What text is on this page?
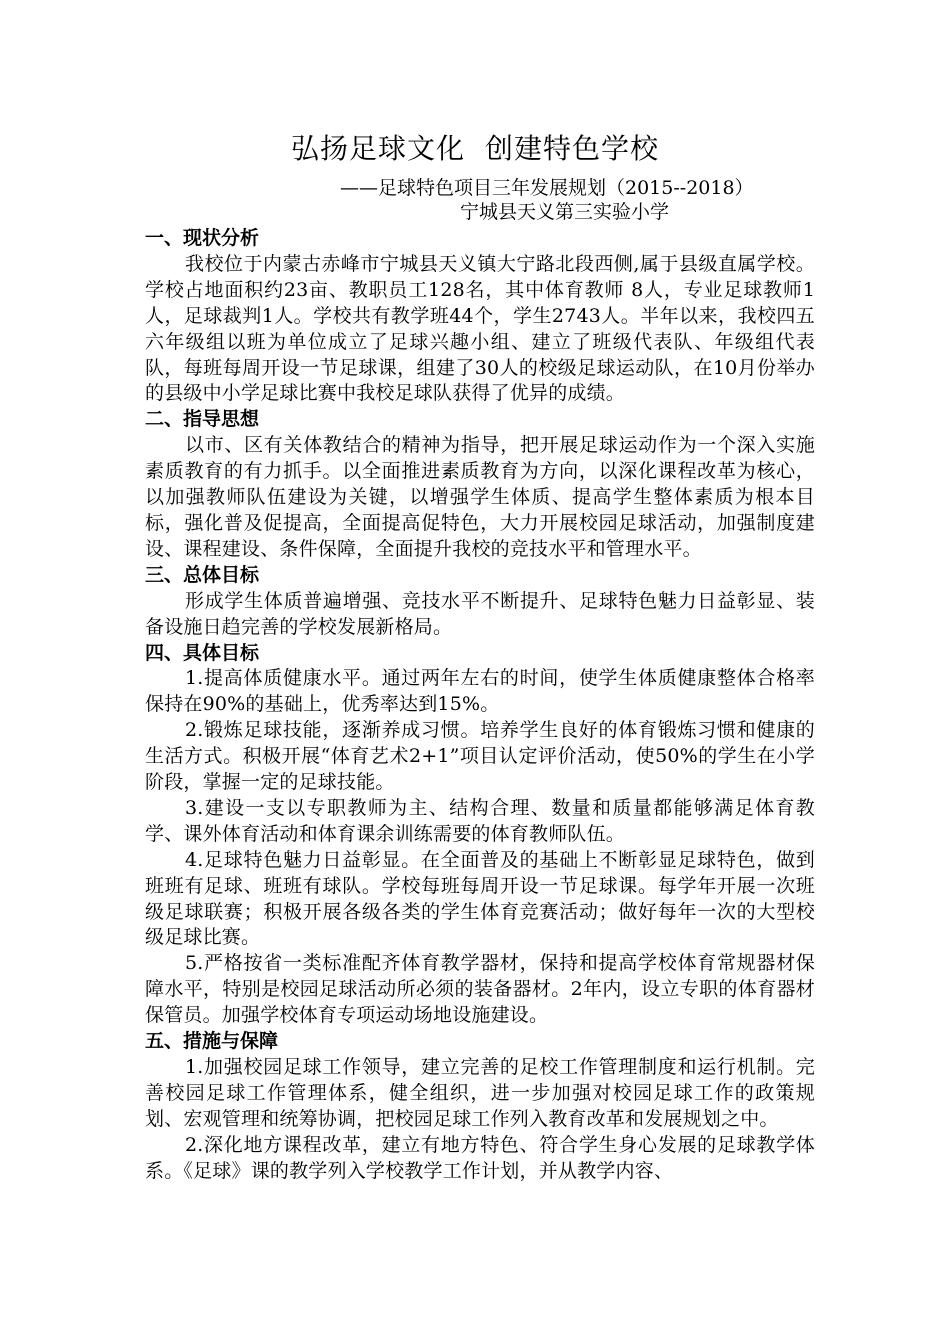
弘扬足球文化 创建特色学校
——足球特色项目三年发展规划（2015--2018）
宁城县天义第三实验小学
一、现状分析

我校位于内蒙古赤峰市宁城县天义镇大宁路北段西侧,属于县级直属学校。学校占地面积约23亩、教职员工128名，其中体育教师 8人，专业足球教师1人，足球裁判1人。学校共有教学班44个，学生2743人。半年以来，我校四五六年级组以班为单位成立了足球兴趣小组、建立了班级代表队、年级组代表队，每班每周开设一节足球课，组建了30人的校级足球运动队，在10月份举办的县级中小学足球比赛中我校足球队获得了优异的成绩。

二、指导思想

以市、区有关体教结合的精神为指导，把开展足球运动作为一个深入实施素质教育的有力抓手。以全面推进素质教育为方向，以深化课程改革为核心，以加强教师队伍建设为关键，以增强学生体质、提高学生整体素质为根本目标，强化普及促提高，全面提高促特色，大力开展校园足球活动，加强制度建设、课程建设、条件保障，全面提升我校的竞技水平和管理水平。

三、总体目标

形成学生体质普遍增强、竞技水平不断提升、足球特色魅力日益彰显、装备设施日趋完善的学校发展新格局。

四、具体目标

1.提高体质健康水平。通过两年左右的时间，使学生体质健康整体合格率保持在90%的基础上，优秀率达到15%。

2.锻炼足球技能，逐渐养成习惯。培养学生良好的体育锻炼习惯和健康的生活方式。积极开展“体育艺术2+1”项目认定评价活动，使50%的学生在小学阶段，掌握一定的足球技能。

3.建设一支以专职教师为主、结构合理、数量和质量都能够满足体育教学、课外体育活动和体育课余训练需要的体育教师队伍。

4.足球特色魅力日益彰显。在全面普及的基础上不断彰显足球特色，做到班班有足球、班班有球队。学校每班每周开设一节足球课。每学年开展一次班级足球联赛；积极开展各级各类的学生体育竞赛活动；做好每年一次的大型校级足球比赛。

5.严格按省一类标准配齐体育教学器材，保持和提高学校体育常规器材保障水平，特别是校园足球活动所必须的装备器材。2年内，设立专职的体育器材保管员。加强学校体育专项运动场地设施建设。

五、措施与保障

1.加强校园足球工作领导，建立完善的足校工作管理制度和运行机制。完善校园足球工作管理体系，健全组织，进一步加强对校园足球工作的政策规划、宏观管理和统筹协调，把校园足球工作列入教育改革和发展规划之中。

2.深化地方课程改革，建立有地方特色、符合学生身心发展的足球教学体系。《足球》课的教学列入学校教学工作计划，并从教学内容、
